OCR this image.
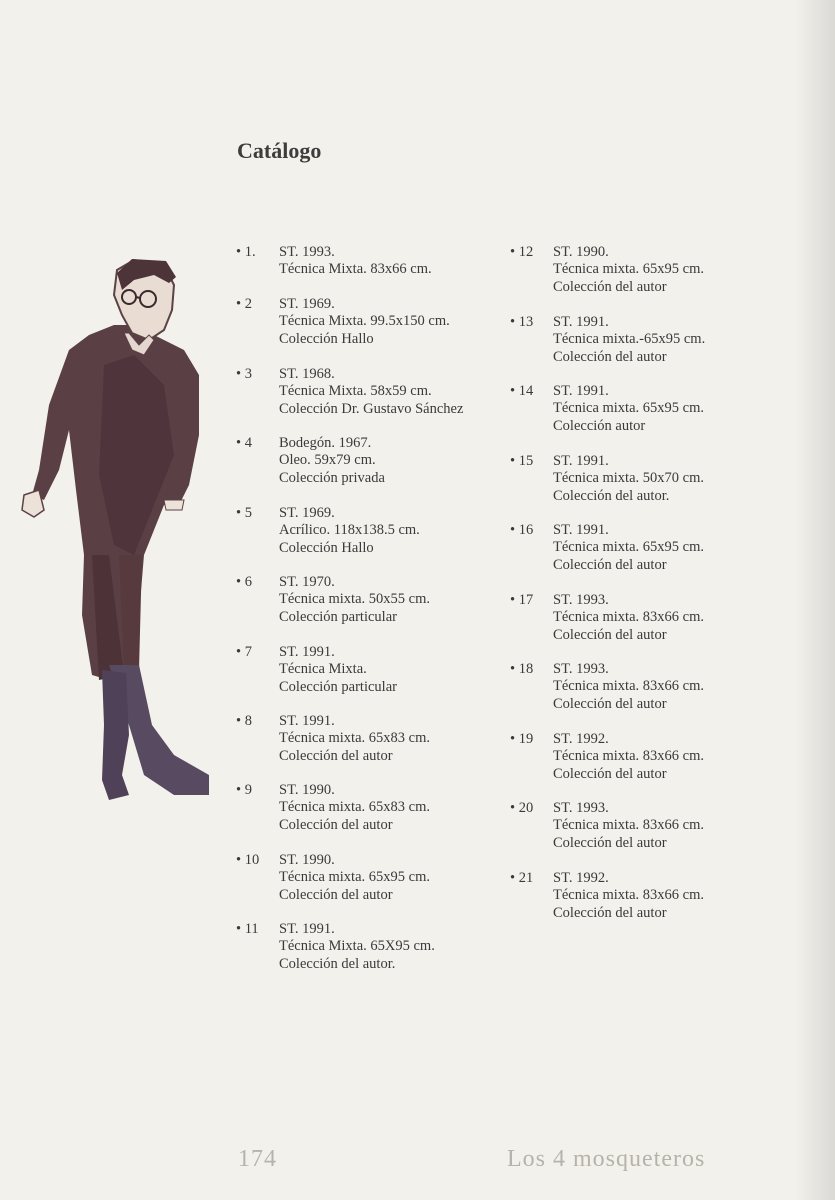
Catálogo
• 1.	ST. 1993.
Técnica Mixta. 83x66 cm.
• 2	ST. 1969.
Técnica Mixta. 99.5x150 cm.
Colección Hallo
• 3	ST. 1968.
Técnica Mixta. 58x59 cm.
Colección Dr. Gustavo Sánchez
• 4	Bodegón. 1967.
Oleo. 59x79 cm.
Colección privada
• 5	ST. 1969.
Acrílico. 118x138.5 cm.
Colección Hallo
• 6	ST. 1970.
Técnica mixta. 50x55 cm.
Colección particular
• 7	ST. 1991.
Técnica Mixta.
Colección particular
• 8	ST. 1991.
Técnica mixta. 65x83 cm.
Colección del autor
• 9	ST. 1990.
Técnica mixta. 65x83 cm.
Colección del autor
• 10	ST. 1990.
Técnica mixta. 65x95 cm.
Colección del autor
• 11	ST. 1991.
Técnica Mixta. 65X95 cm.
Colección del autor.
• 12	ST. 1990.
Técnica mixta. 65x95 cm.
Colección del autor
• 13	ST. 1991.
Técnica mixta.-65x95 cm.
Colección del autor
• 14	ST. 1991.
Técnica mixta. 65x95 cm.
Colección autor
• 15	ST. 1991.
Técnica mixta. 50x70 cm.
Colección del autor.
• 16	ST. 1991.
Técnica mixta. 65x95 cm.
Colección del autor
• 17	ST. 1993.
Técnica mixta. 83x66 cm.
Colección del autor
• 18	ST. 1993.
Técnica mixta. 83x66 cm.
Colección del autor
• 19	ST. 1992.
Técnica mixta. 83x66 cm.
Colección del autor
• 20	ST. 1993.
Técnica mixta. 83x66 cm.
Colección del autor
• 21	ST. 1992.
Técnica mixta. 83x66 cm.
Colección del autor
174	Los 4 mosqueteros
